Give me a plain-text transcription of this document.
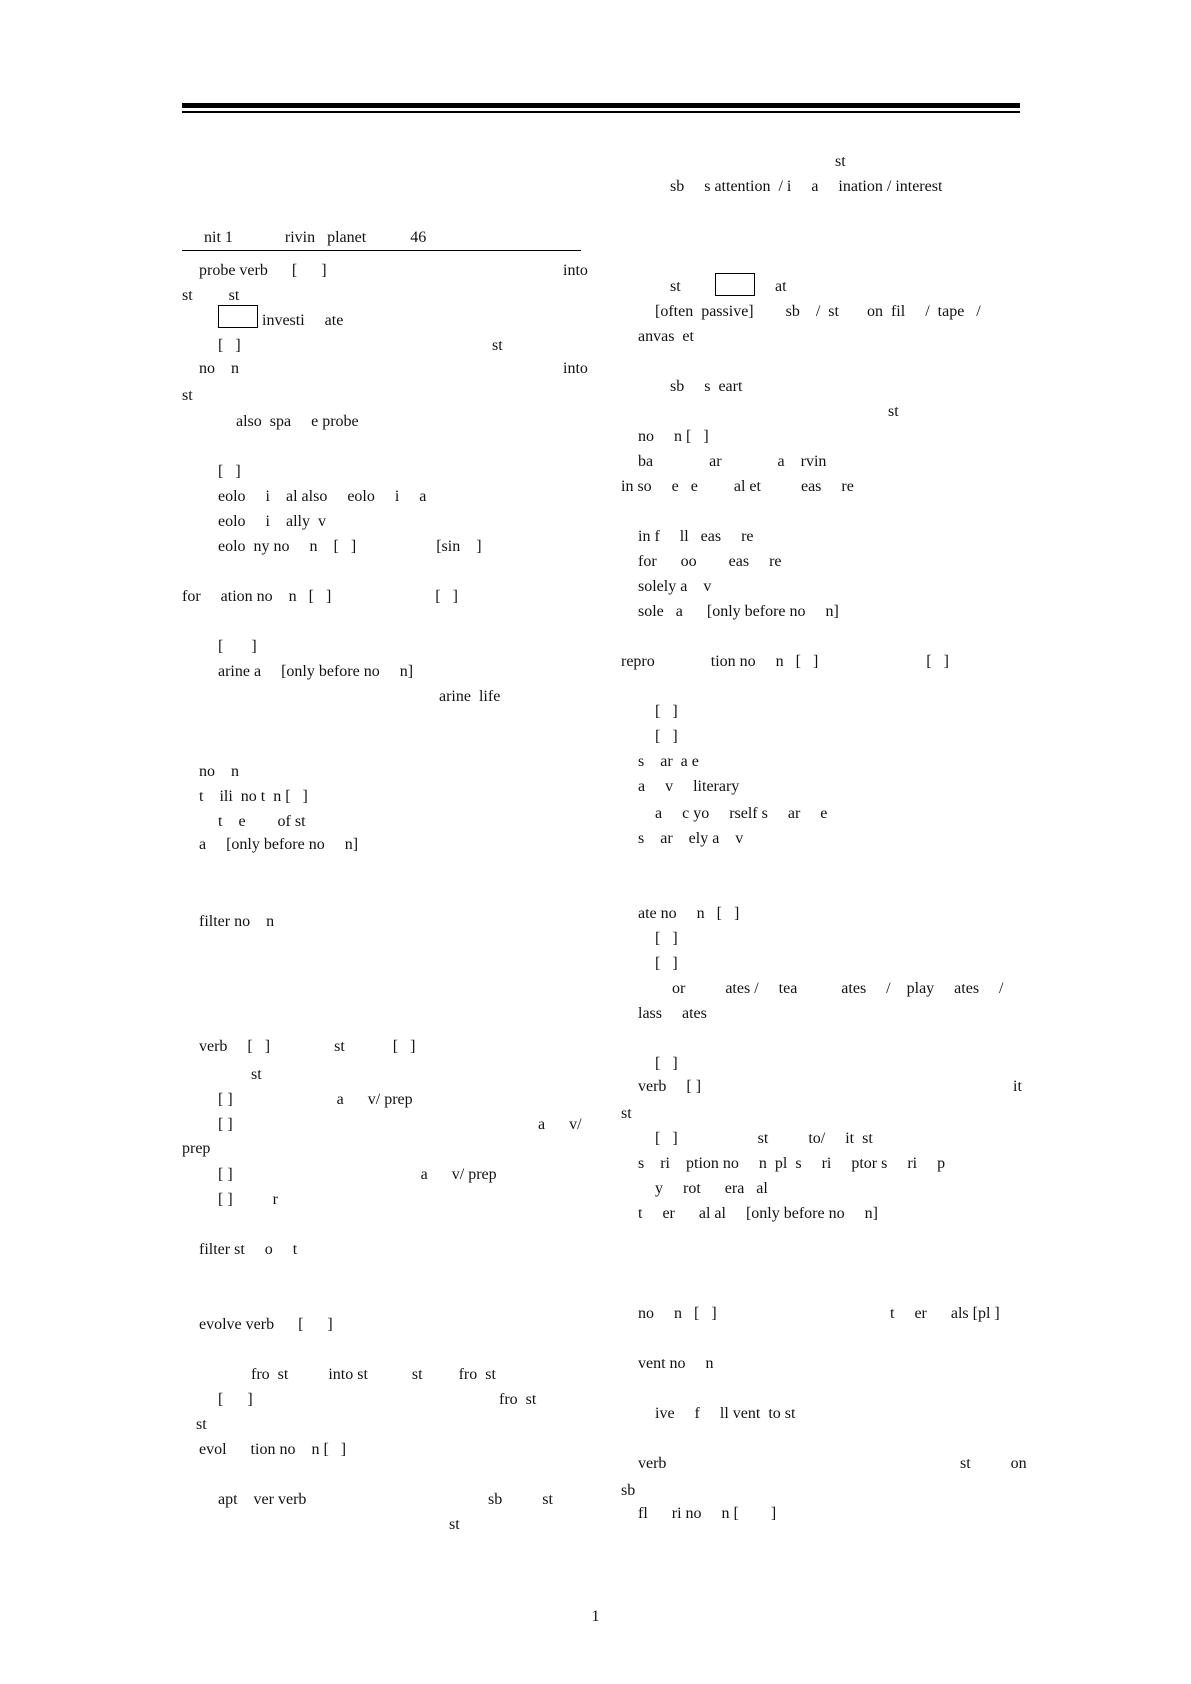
nit 1             rivin   planet           46
probe verb      [      ]	into
st         st
investi     ate
[   ]	st
no    n	into
st
also  spa     e probe
[   ]
eolo     i    al also     eolo     i     a
eolo     i    ally  v
eolo  ny no     n    [   ]                    [sin    ]
for     ation no    n   [   ]                          [   ]
[       ]
arine a     [only before no     n]
arine  life
no    n
t    ili  no t  n [   ]
t    e        of st
a     [only before no     n]
filter no    n
verb     [   ]                st            [   ]
st
[ ]                          a      v/ prep
[ ]	a      v/
prep
[ ]                                               a      v/ prep
[ ]          r
filter st     o     t
evolve verb      [      ]
fro  st          into st           st         fro  st
[      ]	fro  st
st
evol      tion no    n [   ]
apt    ver verb	sb          st
st
st
sb     s attention  / i     a     ination / interest
st	at
[often  passive]        sb    /  st       on  fil     /  tape   /
anvas  et
sb     s  eart
st
no     n [   ]
ba              ar              a    rvin
in so     e   e         al et          eas     re
in f     ll   eas     re
for      oo        eas     re
solely a    v
sole   a      [only before no     n]
repro              tion no     n   [   ]                           [   ]
[   ]
[   ]
s    ar  a e
a     v     literary
a     c yo     rself s     ar     e
s    ar    ely a    v
ate no     n   [   ]
[   ]
[   ]
or          ates /     tea           ates     /    play     ates     /
lass     ates
[   ]
verb     [ ]	it
st
[   ]                    st          to/     it  st
s    ri    ption no     n  pl  s     ri     ptor s     ri     p
y     rot      era   al
t     er      al al     [only before no     n]
no     n   [   ]	t     er      als [pl ]
vent no     n
ive     f     ll vent  to st
verb	st          on
sb
fl      ri no     n [        ]
1
